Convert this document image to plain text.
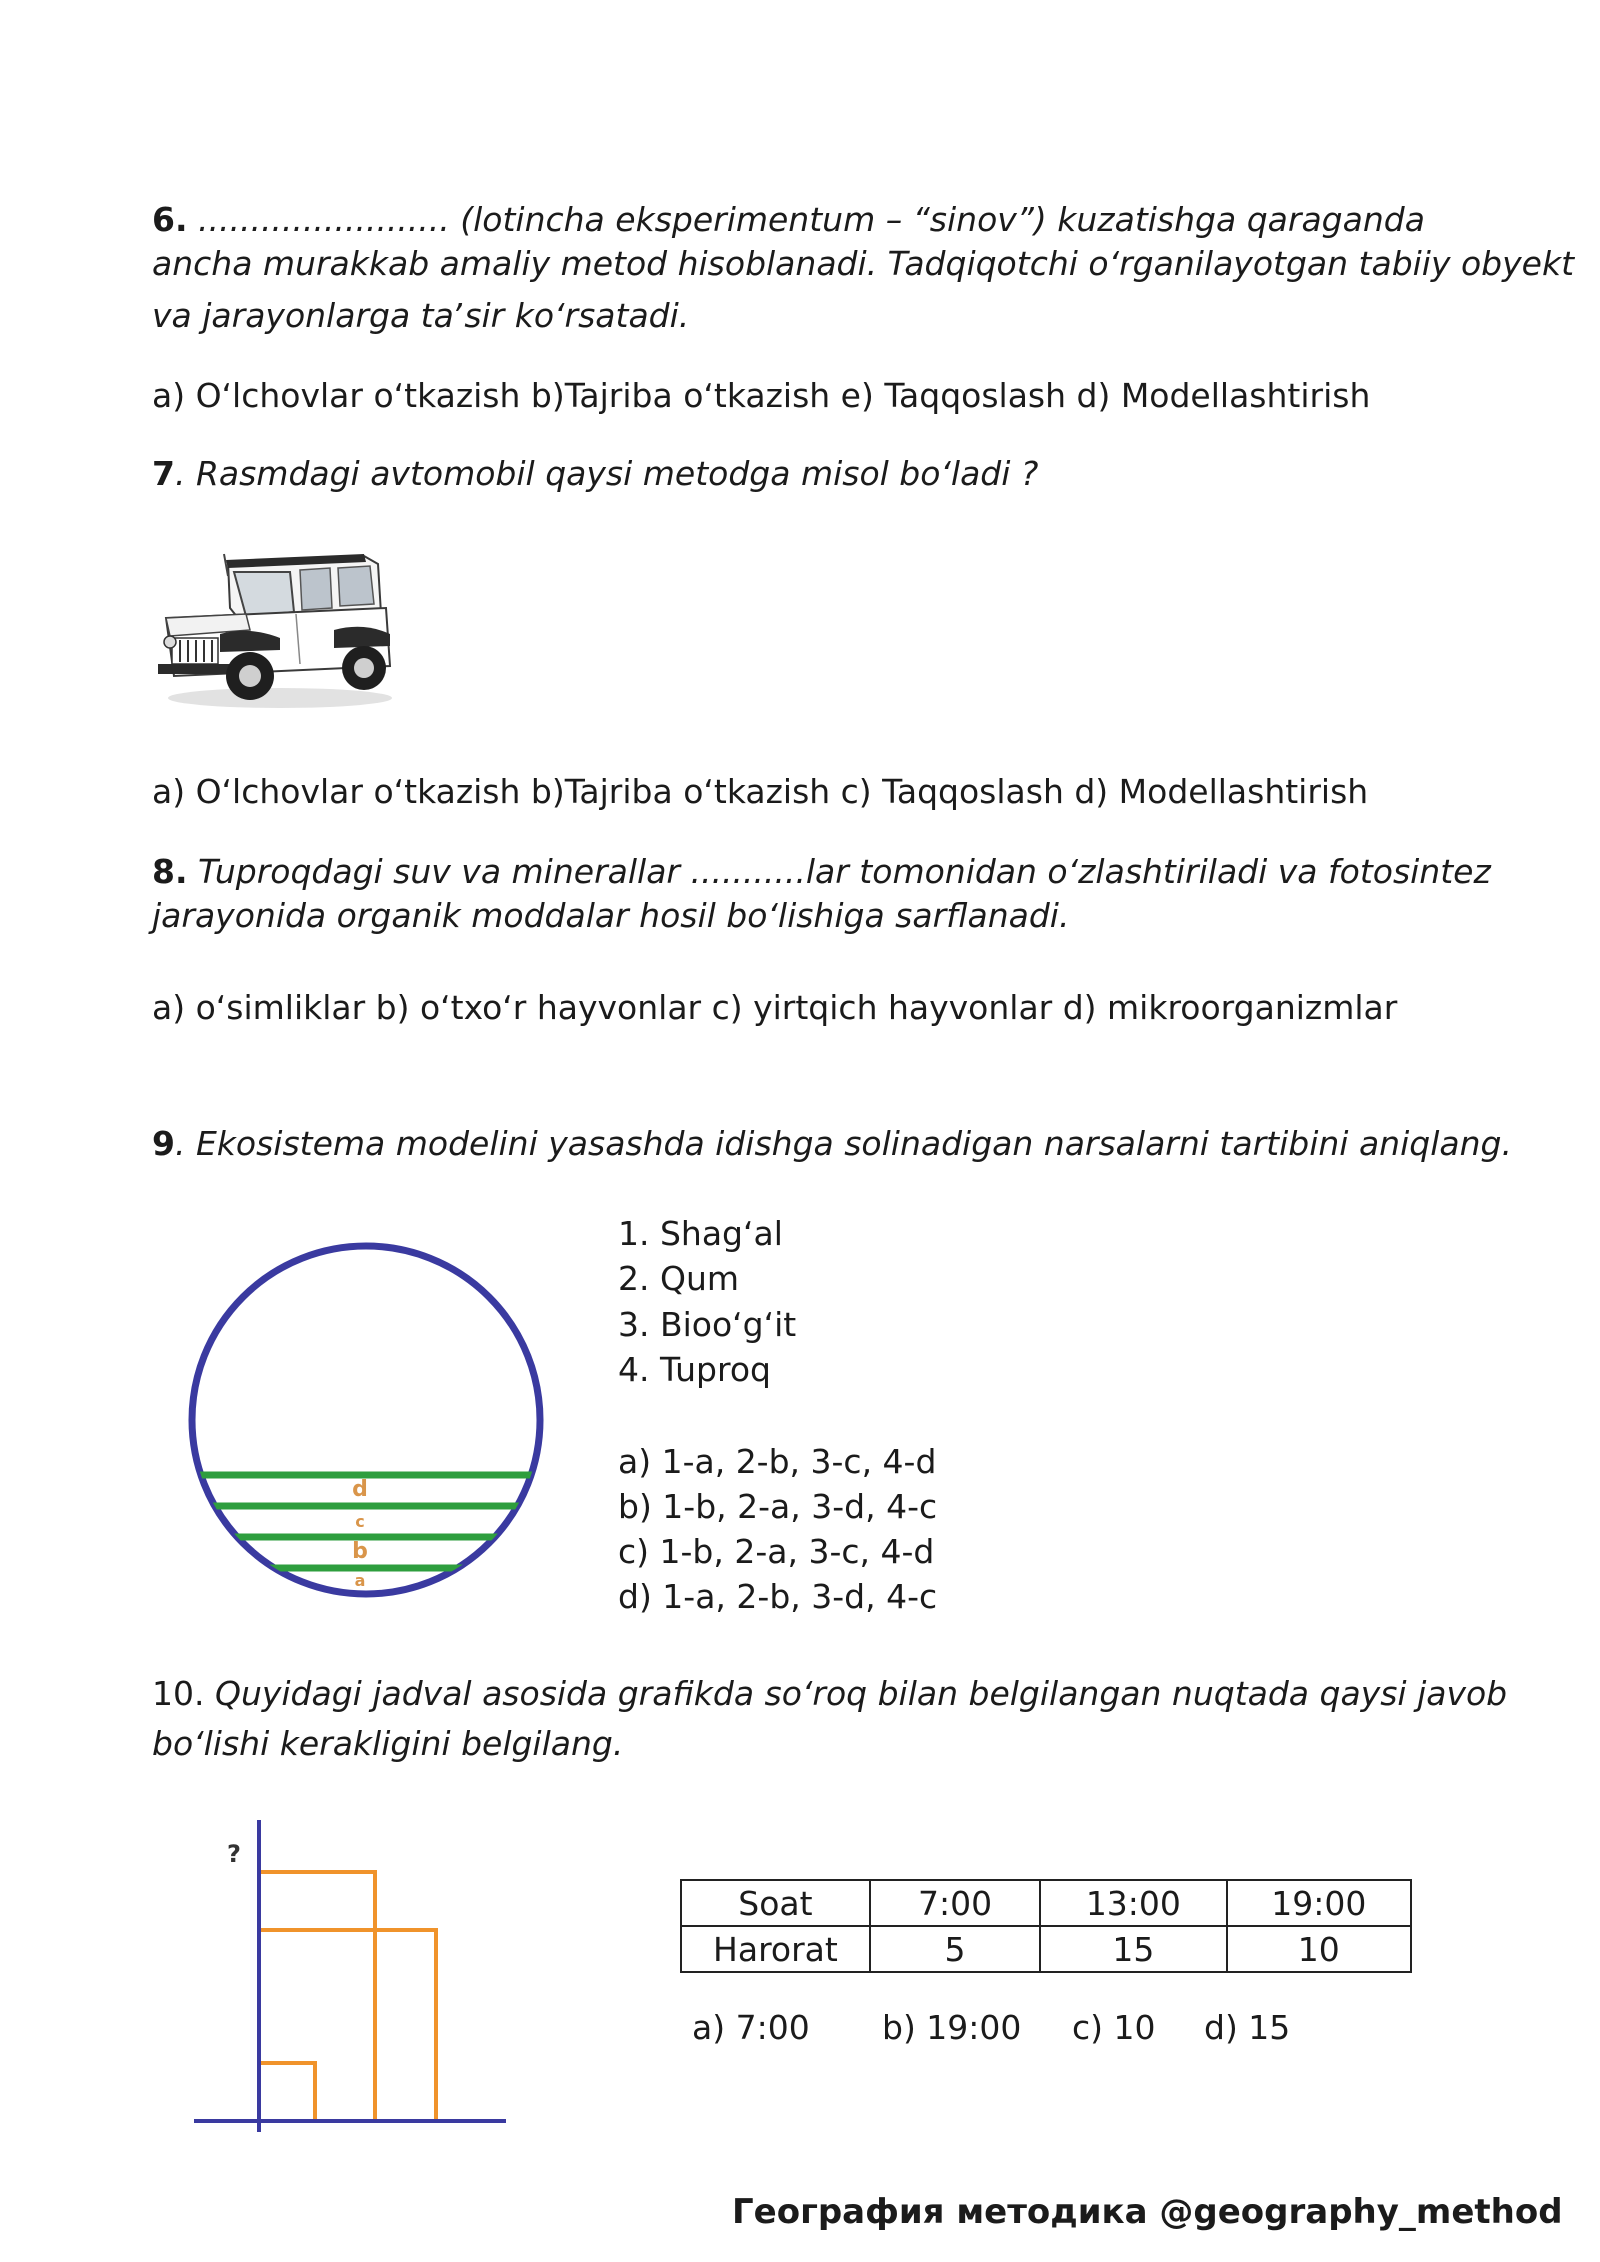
6. ........................ (lotincha eksperimentum – “sinov”) kuzatishga qaraganda
ancha murakkab amaliy metod hisoblanadi. Tadqiqotchi oʻrganilayotgan tabiiy obyekt
va jarayonlarga taʼsir koʻrsatadi.
a) Oʻlchovlar oʻtkazish b)Tajriba oʻtkazish e) Taqqoslash d) Modellashtirish
7. Rasmdagi avtomobil qaysi metodga misol boʻladi ?
a) Oʻlchovlar oʻtkazish b)Tajriba oʻtkazish c) Taqqoslash d) Modellashtirish
8. Tuproqdagi suv va minerallar ...........lar tomonidan oʻzlashtiriladi va fotosintez
jarayonida organik moddalar hosil boʻlishiga sarflanadi.
a) oʻsimliklar b) oʻtxoʻr hayvonlar c) yirtqich hayvonlar d) mikroorganizmlar
9. Ekosistema modelini yasashda idishga solinadigan narsalarni tartibini aniqlang.
d
c
b
a
1. Shagʻal
2. Qum
3. Biooʻgʻit
4. Tuproq
a) 1-a, 2-b, 3-c, 4-d
b) 1-b, 2-a, 3-d, 4-c
c) 1-b, 2-a, 3-c, 4-d
d) 1-a, 2-b, 3-d, 4-c
10. Quyidagi jadval asosida grafikda soʻroq bilan belgilangan nuqtada qaysi javob
boʻlishi kerakligini belgilang.
?
Soat	7:00	13:00	19:00
Harorat	5	15	10
a) 7:00 b) 19:00 c) 10 d) 15
География методика @geography_method
